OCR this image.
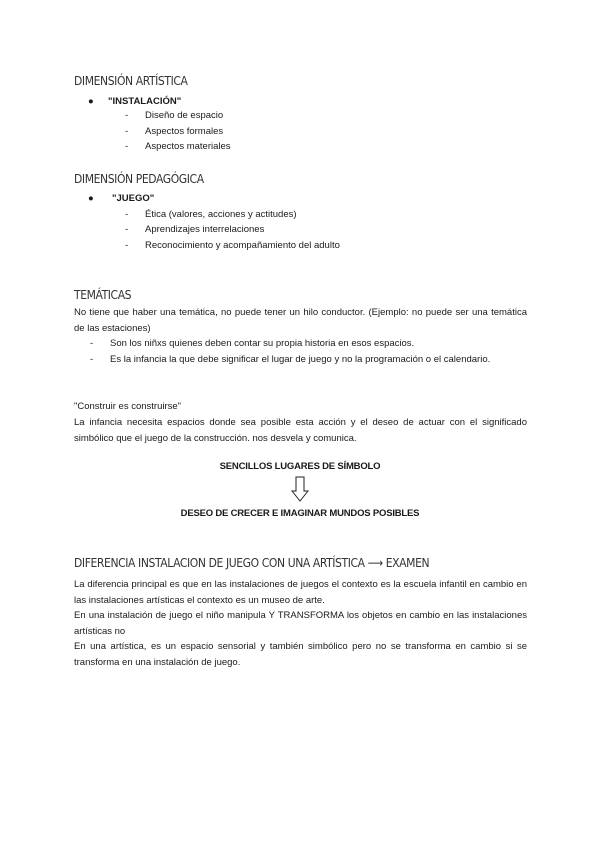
DIMENSIÓN ARTÍSTICA
● "INSTALACIÓN"
- Diseño de espacio
- Aspectos formales
- Aspectos materiales
DIMENSIÓN PEDAGÓGICA
● "JUEGO"
- Ética (valores, acciones y actitudes)
- Aprendizajes interrelaciones
- Reconocimiento y acompañamiento del adulto
TEMÁTICAS

No tiene que haber una temática, no puede tener un hilo conductor. (Ejemplo: no puede ser una temática de las estaciones)

- Son los niñxs quienes deben contar su propia historia en esos espacios.
- Es la infancia la que debe significar el lugar de juego y no la programación o el calendario.

"Construir es construirse"

La infancia necesita espacios donde sea posible esta acción y el deseo de actuar con el significado simbólico que el juego de la construcción. nos desvela y comunica.

SENCILLOS LUGARES DE SÍMBOLO

DESEO DE CRECER E IMAGINAR MUNDOS POSIBLES

DIFERENCIA INSTALACION DE JUEGO CON UNA ARTÍSTICA ⟶ EXAMEN

La diferencia principal es que en las instalaciones de juegos el contexto es la escuela infantil en cambio en las instalaciones artísticas el contexto es un museo de arte.

En una instalación de juego el niño manipula Y TRANSFORMA los objetos en cambio en las instalaciones artísticas no

En una artística, es un espacio sensorial y también simbólico pero no se transforma en cambio si se transforma en una instalación de juego.
